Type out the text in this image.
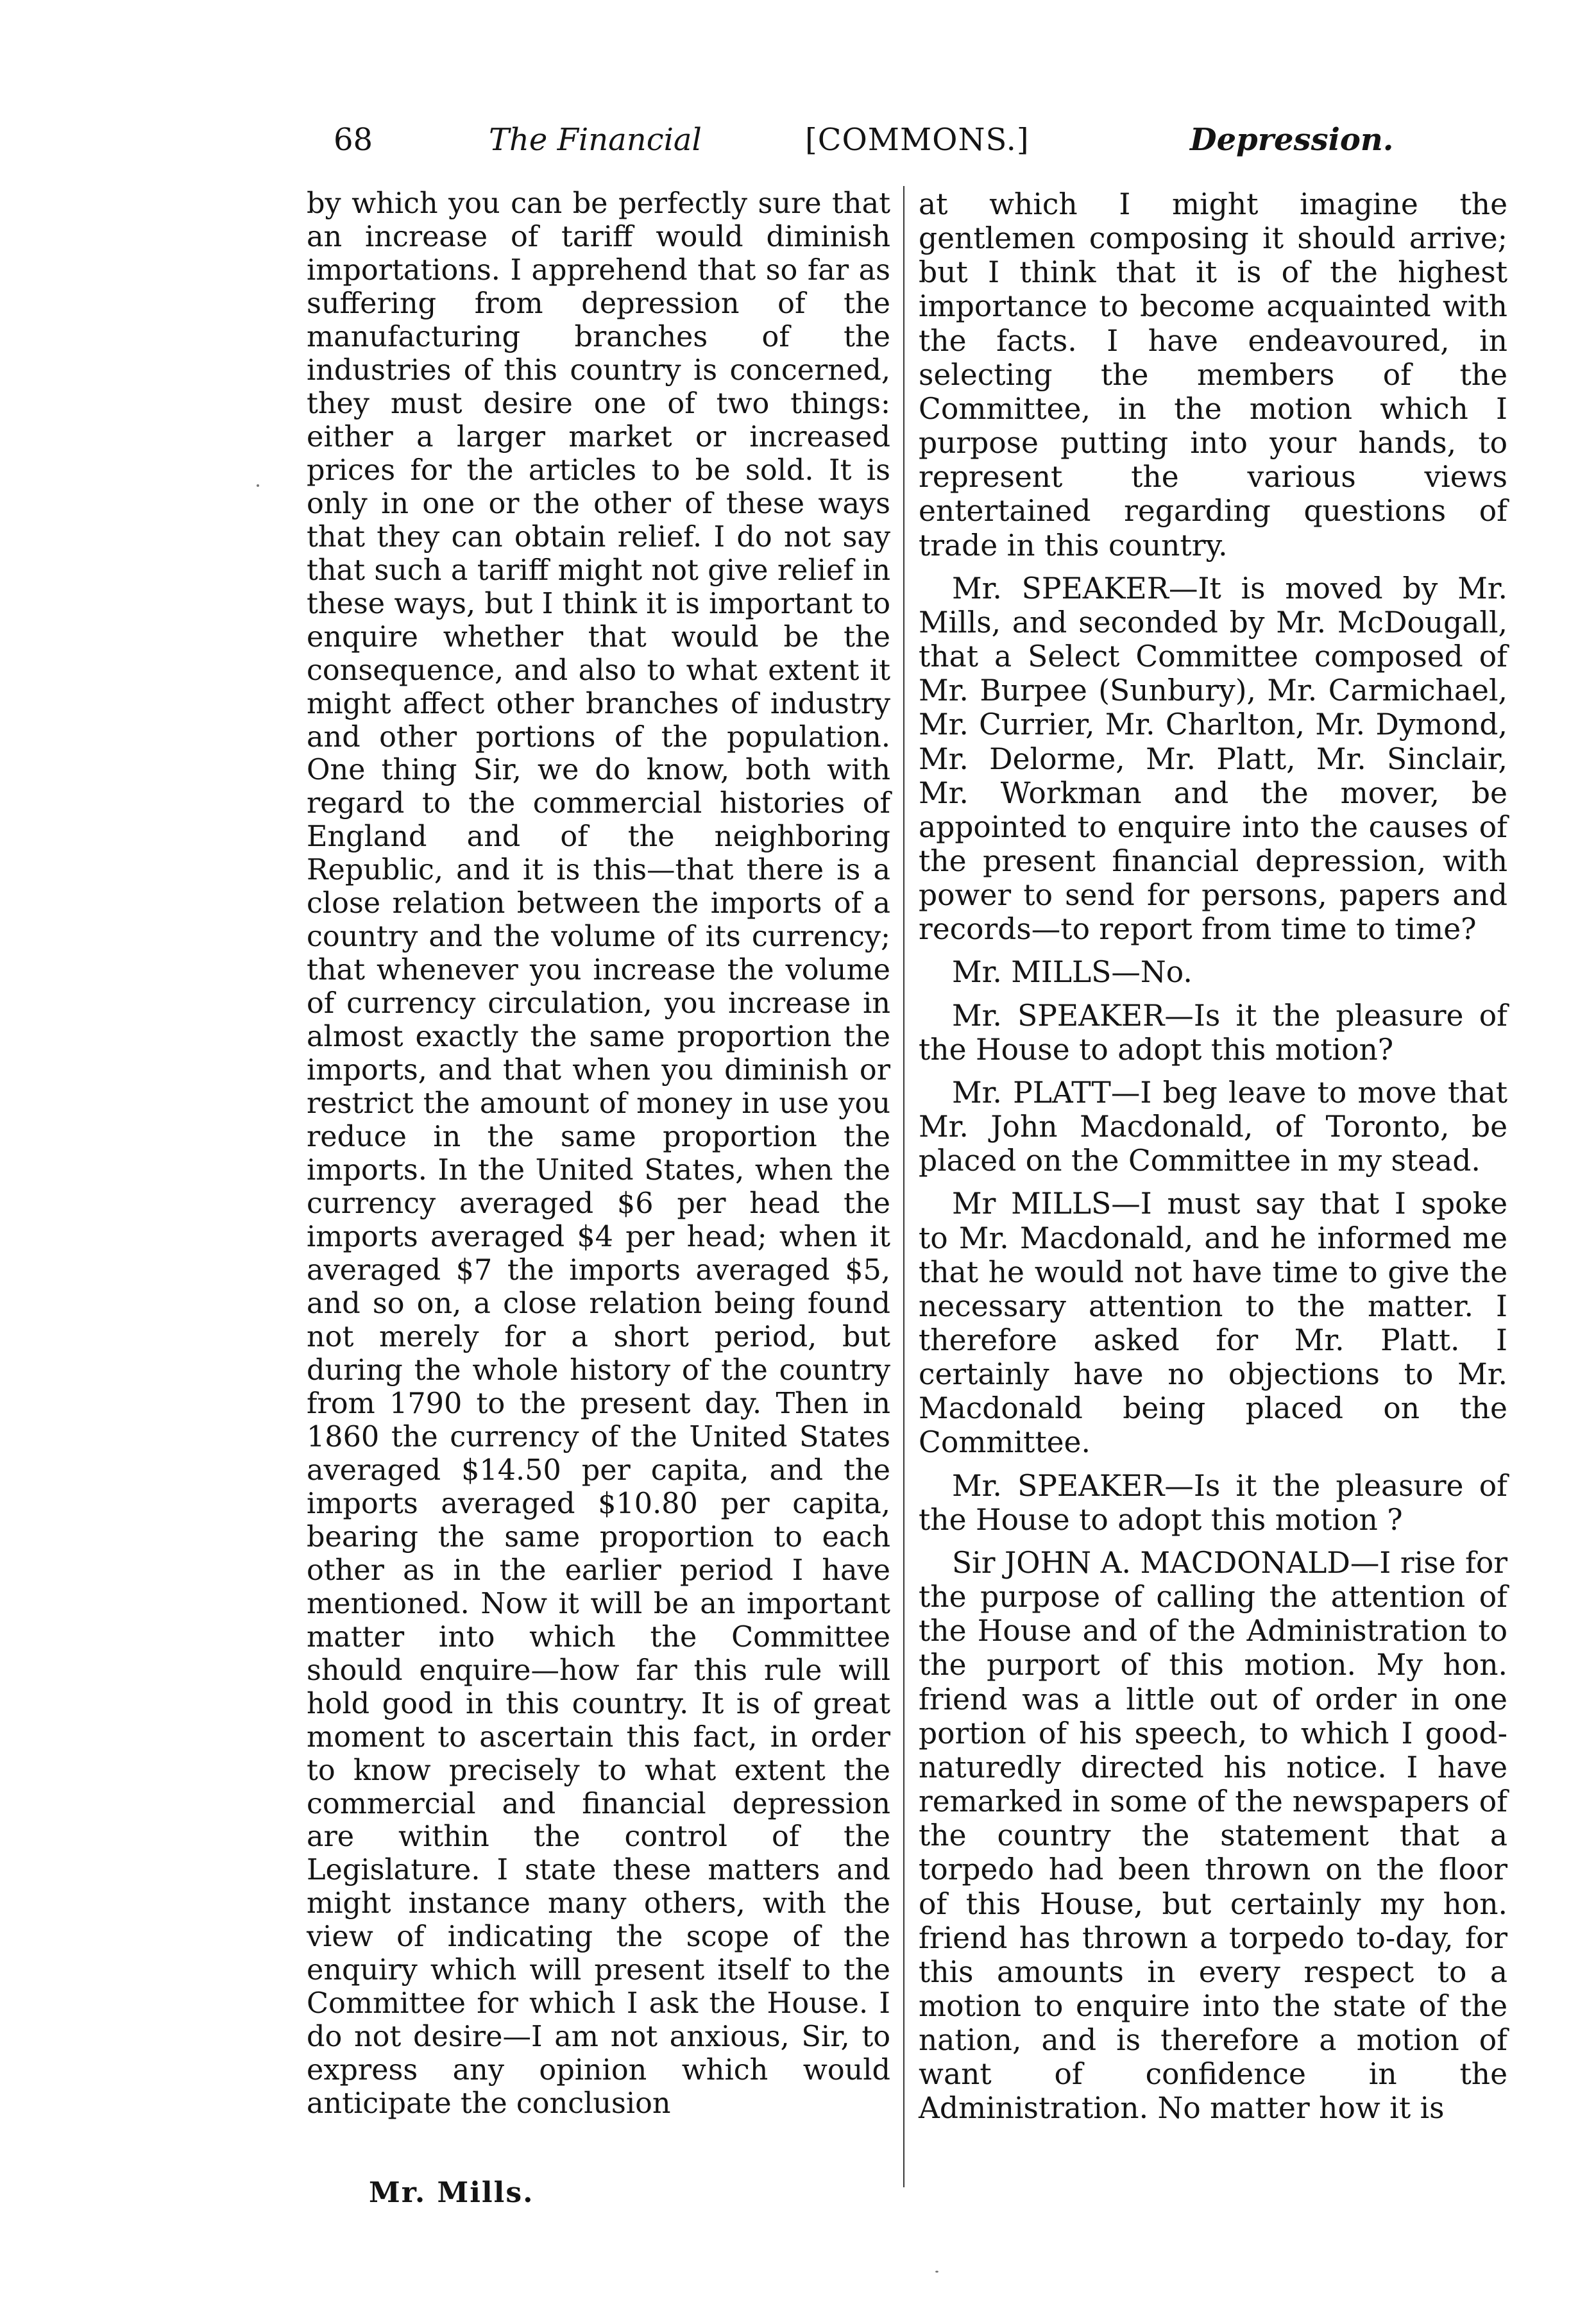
68	The Financial	[COMMONS.]	Depression.

by which you can be perfectly sure that an increase of tariff would diminish importations. I apprehend that so far as suffering from depression of the manufacturing branches of the industries of this country is concerned, they must desire one of two things: either a larger market or increased prices for the articles to be sold. It is only in one or the other of these ways that they can obtain relief. I do not say that such a tariff might not give relief in these ways, but I think it is important to enquire whether that would be the consequence, and also to what extent it might affect other branches of industry and other portions of the population. One thing Sir, we do know, both with regard to the commercial histories of England and of the neighboring Republic, and it is this—that there is a close relation between the imports of a country and the volume of its currency; that whenever you increase the volume of currency circulation, you increase in almost exactly the same proportion the imports, and that when you diminish or restrict the amount of money in use you reduce in the same proportion the imports. In the United States, when the currency averaged $6 per head the imports averaged $4 per head; when it averaged $7 the imports averaged $5, and so on, a close relation being found not merely for a short period, but during the whole history of the country from 1790 to the present day. Then in 1860 the currency of the United States averaged $14.50 per capita, and the imports averaged $10.80 per capita, bearing the same proportion to each other as in the earlier period I have mentioned. Now it will be an important matter into which the Committee should enquire—how far this rule will hold good in this country. It is of great moment to ascertain this fact, in order to know precisely to what extent the commercial and financial depression are within the control of the Legislature. I state these matters and might instance many others, with the view of indicating the scope of the enquiry which will present itself to the Committee for which I ask the House. I do not desire—I am not anxious, Sir, to express any opinion which would anticipate the conclusion

at which I might imagine the gentlemen composing it should arrive; but I think that it is of the highest importance to become acquainted with the facts. I have endeavoured, in selecting the members of the Committee, in the motion which I purpose putting into your hands, to represent the various views entertained regarding questions of trade in this country.

Mr. SPEAKER—It is moved by Mr. Mills, and seconded by Mr. McDougall, that a Select Committee composed of Mr. Burpee (Sunbury), Mr. Carmichael, Mr. Currier, Mr. Charlton, Mr. Dymond, Mr. Delorme, Mr. Platt, Mr. Sinclair, Mr. Workman and the mover, be appointed to enquire into the causes of the present financial depression, with power to send for persons, papers and records—to report from time to time?

Mr. MILLS—No.

Mr. SPEAKER—Is it the pleasure of the House to adopt this motion?

Mr. PLATT—I beg leave to move that Mr. John Macdonald, of Toronto, be placed on the Committee in my stead.

Mr MILLS—I must say that I spoke to Mr. Macdonald, and he informed me that he would not have time to give the necessary attention to the matter. I therefore asked for Mr. Platt. I certainly have no objections to Mr. Macdonald being placed on the Committee.

Mr. SPEAKER—Is it the pleasure of the House to adopt this motion ?

Sir JOHN A. MACDONALD—I rise for the purpose of calling the attention of the House and of the Administration to the purport of this motion. My hon. friend was a little out of order in one portion of his speech, to which I good-naturedly directed his notice. I have remarked in some of the newspapers of the country the statement that a torpedo had been thrown on the floor of this House, but certainly my hon. friend has thrown a torpedo to-day, for this amounts in every respect to a motion to enquire into the state of the nation, and is therefore a motion of want of confidence in the Administration. No matter how it is

Mr. Mills.
